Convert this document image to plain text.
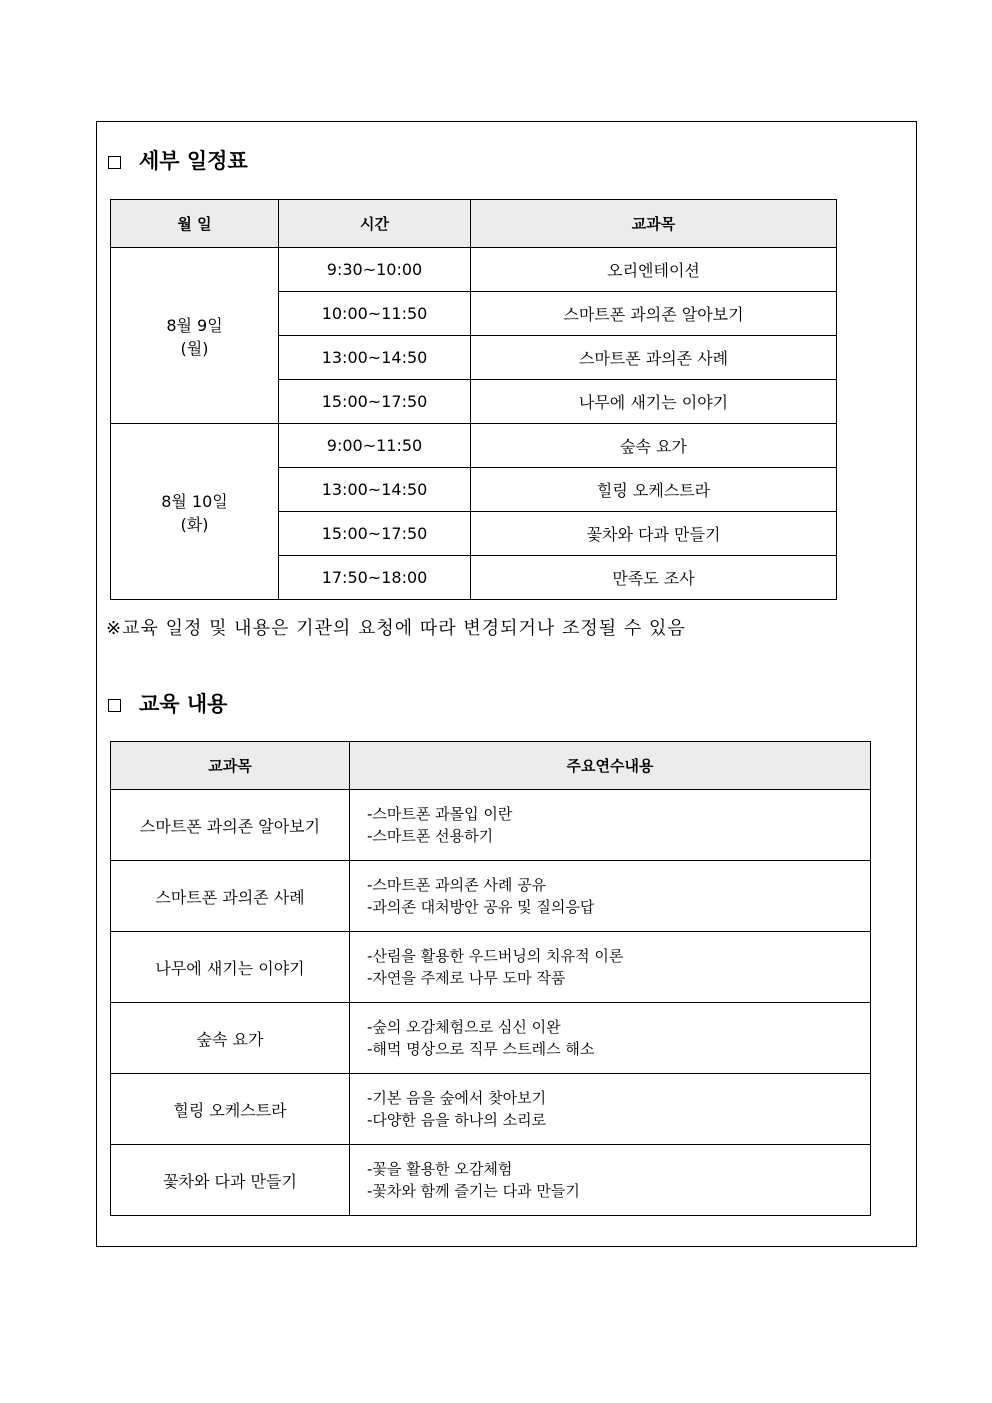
세부 일정표
월 일	시간	교과목

8월 9일
(월)	9:30~10:00	오리엔테이션
	10:00~11:50	스마트폰 과의존 알아보기
	13:00~14:50	스마트폰 과의존 사례
	15:00~17:50	나무에 새기는 이야기

8월 10일
(화)	9:00~11:50	숲속 요가
	13:00~14:50	힐링 오케스트라
	15:00~17:50	꽃차와 다과 만들기
	17:50~18:00	만족도 조사
※교육 일정 및 내용은 기관의 요청에 따라 변경되거나 조정될 수 있음
교육 내용
교과목	주요연수내용
스마트폰 과의존 알아보기	-스마트폰 과몰입 이란
-스마트폰 선용하기

스마트폰 과의존 사례	-스마트폰 과의존 사례 공유
-과의존 대처방안 공유 및 질의응답

나무에 새기는 이야기	-산림을 활용한 우드버닝의 치유적 이론
-자연을 주제로 나무 도마 작품

숲속 요가	-숲의 오감체험으로 심신 이완
-해먹 명상으로 직무 스트레스 해소

힐링 오케스트라	-기본 음을 숲에서 찾아보기
-다양한 음을 하나의 소리로

꽃차와 다과 만들기	-꽃을 활용한 오감체험
-꽃차와 함께 즐기는 다과 만들기
